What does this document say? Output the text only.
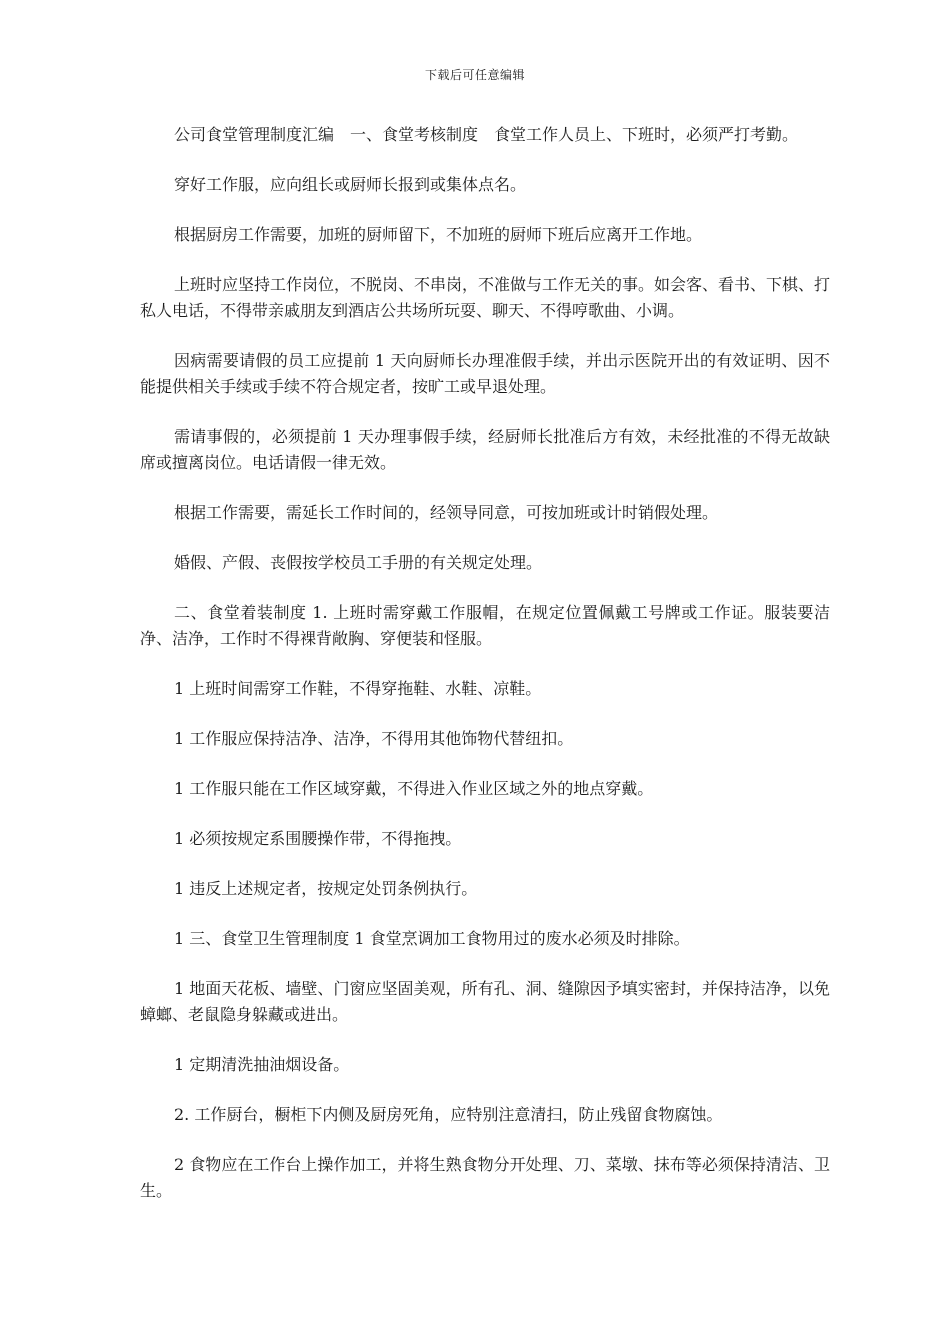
下载后可任意编辑

公司食堂管理制度汇编　一、食堂考核制度　食堂工作人员上、下班时，必须严打考勤。

穿好工作服，应向组长或厨师长报到或集体点名。

根据厨房工作需要，加班的厨师留下，不加班的厨师下班后应离开工作地。

上班时应坚持工作岗位，不脱岗、不串岗，不准做与工作无关的事。如会客、看书、下棋、打私人电话，不得带亲戚朋友到酒店公共场所玩耍、聊天、不得哼歌曲、小调。

因病需要请假的员工应提前 1 天向厨师长办理准假手续，并出示医院开出的有效证明、因不能提供相关手续或手续不符合规定者，按旷工或早退处理。

需请事假的，必须提前 1 天办理事假手续，经厨师长批准后方有效，未经批准的不得无故缺席或擅离岗位。电话请假一律无效。

根据工作需要，需延长工作时间的，经领导同意，可按加班或计时销假处理。

婚假、产假、丧假按学校员工手册的有关规定处理。

二、食堂着装制度 1. 上班时需穿戴工作服帽，在规定位置佩戴工号牌或工作证。服装要洁净、洁净，工作时不得裸背敞胸、穿便装和怪服。

1 上班时间需穿工作鞋，不得穿拖鞋、水鞋、凉鞋。

1 工作服应保持洁净、洁净，不得用其他饰物代替纽扣。

1 工作服只能在工作区域穿戴，不得进入作业区域之外的地点穿戴。

1 必须按规定系围腰操作带，不得拖拽。

1 违反上述规定者，按规定处罚条例执行。

1 三、食堂卫生管理制度 1 食堂烹调加工食物用过的废水必须及时排除。

1 地面天花板、墙壁、门窗应坚固美观，所有孔、洞、缝隙因予填实密封，并保持洁净，以免蟑螂、老鼠隐身躲藏或进出。

1 定期清洗抽油烟设备。

2. 工作厨台，橱柜下内侧及厨房死角，应特别注意清扫，防止残留食物腐蚀。

2 食物应在工作台上操作加工，并将生熟食物分开处理、刀、菜墩、抹布等必须保持清洁、卫生。
